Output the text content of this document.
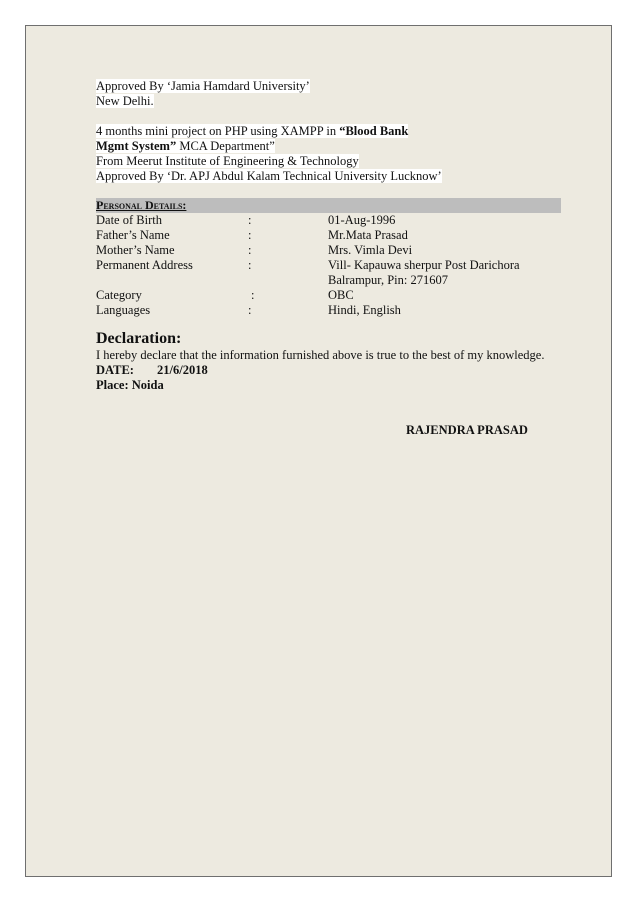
Approved By ‘Jamia Hamdard University’
New Delhi.
4 months mini project on PHP using XAMPP in “Blood Bank
Mgmt System” MCA Department”
From Meerut Institute of Engineering & Technology
Approved By ‘Dr. APJ Abdul Kalam Technical University Lucknow’
Personal Details:
Date of Birth	:	01-Aug-1996
Father’s Name	:	Mr.Mata Prasad
Mother’s Name	:	Mrs. Vimla Devi
Permanent Address	:	Vill- Kapauwa sherpur Post Darichora
Balrampur, Pin: 271607
Category	:	OBC
Languages	:	Hindi, English
Declaration:
I hereby declare that the information furnished above is true to the best of my knowledge.
DATE: 21/6/2018
Place: Noida
RAJENDRA PRASAD
